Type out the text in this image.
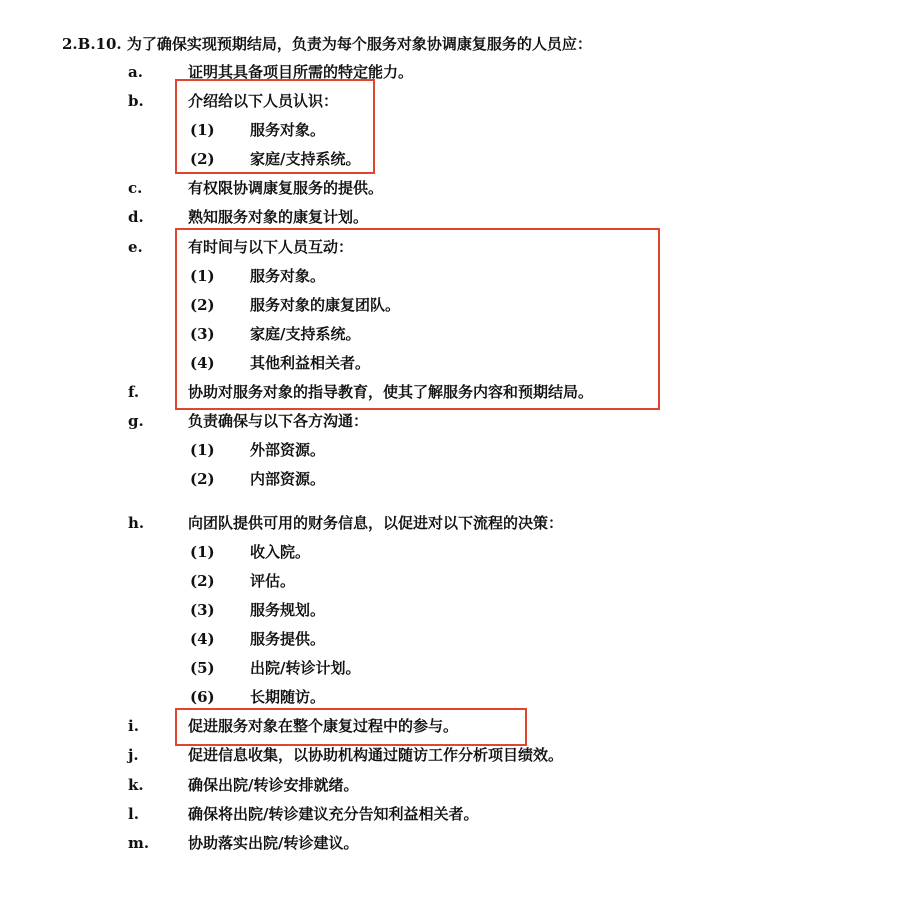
2.B.10. 为了确保实现预期结局，负责为每个服务对象协调康复服务的人员应：
a.	证明其具备项目所需的特定能力。
b.	介绍给以下人员认识：
(1) 服务对象。
(2) 家庭/支持系统。
c.	有权限协调康复服务的提供。
d.	熟知服务对象的康复计划。
e.	有时间与以下人员互动：
(1) 服务对象。
(2) 服务对象的康复团队。
(3) 家庭/支持系统。
(4) 其他利益相关者。
f.	协助对服务对象的指导教育，使其了解服务内容和预期结局。
g.	负责确保与以下各方沟通：
(1) 外部资源。
(2) 内部资源。
h.	向团队提供可用的财务信息，以促进对以下流程的决策：
(1) 收入院。
(2) 评估。
(3) 服务规划。
(4) 服务提供。
(5) 出院/转诊计划。
(6) 长期随访。
i.	促进服务对象在整个康复过程中的参与。
j.	促进信息收集，以协助机构通过随访工作分析项目绩效。
k.	确保出院/转诊安排就绪。
l.	确保将出院/转诊建议充分告知利益相关者。
m.	协助落实出院/转诊建议。
